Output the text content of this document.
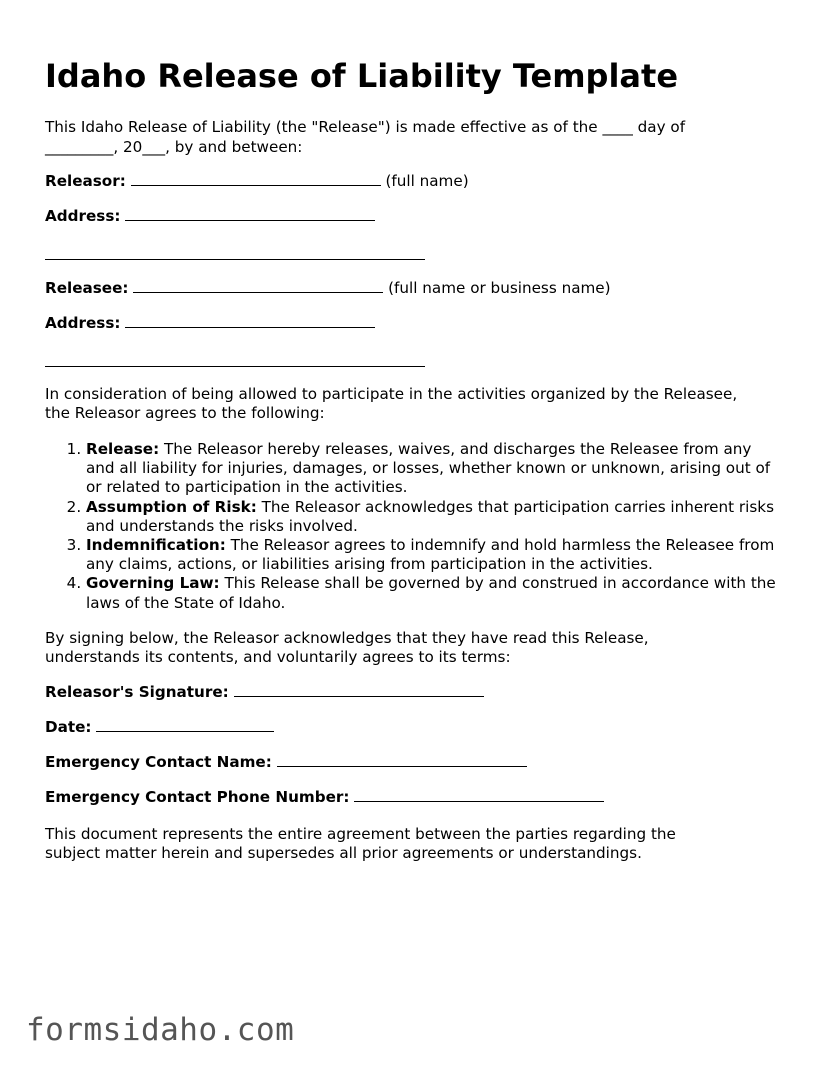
Idaho Release of Liability Template

This Idaho Release of Liability (the "Release") is made effective as of the ____ day of

_________, 20___, by and between:

Releasor:	(full name)
Address:
Releasee:	(full name or business name)
Address:

In consideration of being allowed to participate in the activities organized by the Releasee,

the Releasor agrees to the following:

1. Release: The Releasor hereby releases, waives, and discharges the Releasee from any and all liability for injuries, damages, or losses, whether known or unknown, arising out of or related to participation in the activities.
2. Assumption of Risk: The Releasor acknowledges that participation carries inherent risks and understands the risks involved.
3. Indemnification: The Releasor agrees to indemnify and hold harmless the Releasee from any claims, actions, or liabilities arising from participation in the activities.
4. Governing Law: This Release shall be governed by and construed in accordance with the laws of the State of Idaho.

By signing below, the Releasor acknowledges that they have read this Release,

understands its contents, and voluntarily agrees to its terms:

Releasor's Signature:
Date:
Emergency Contact Name:
Emergency Contact Phone Number:

This document represents the entire agreement between the parties regarding the

subject matter herein and supersedes all prior agreements or understandings.

formsidaho.com
